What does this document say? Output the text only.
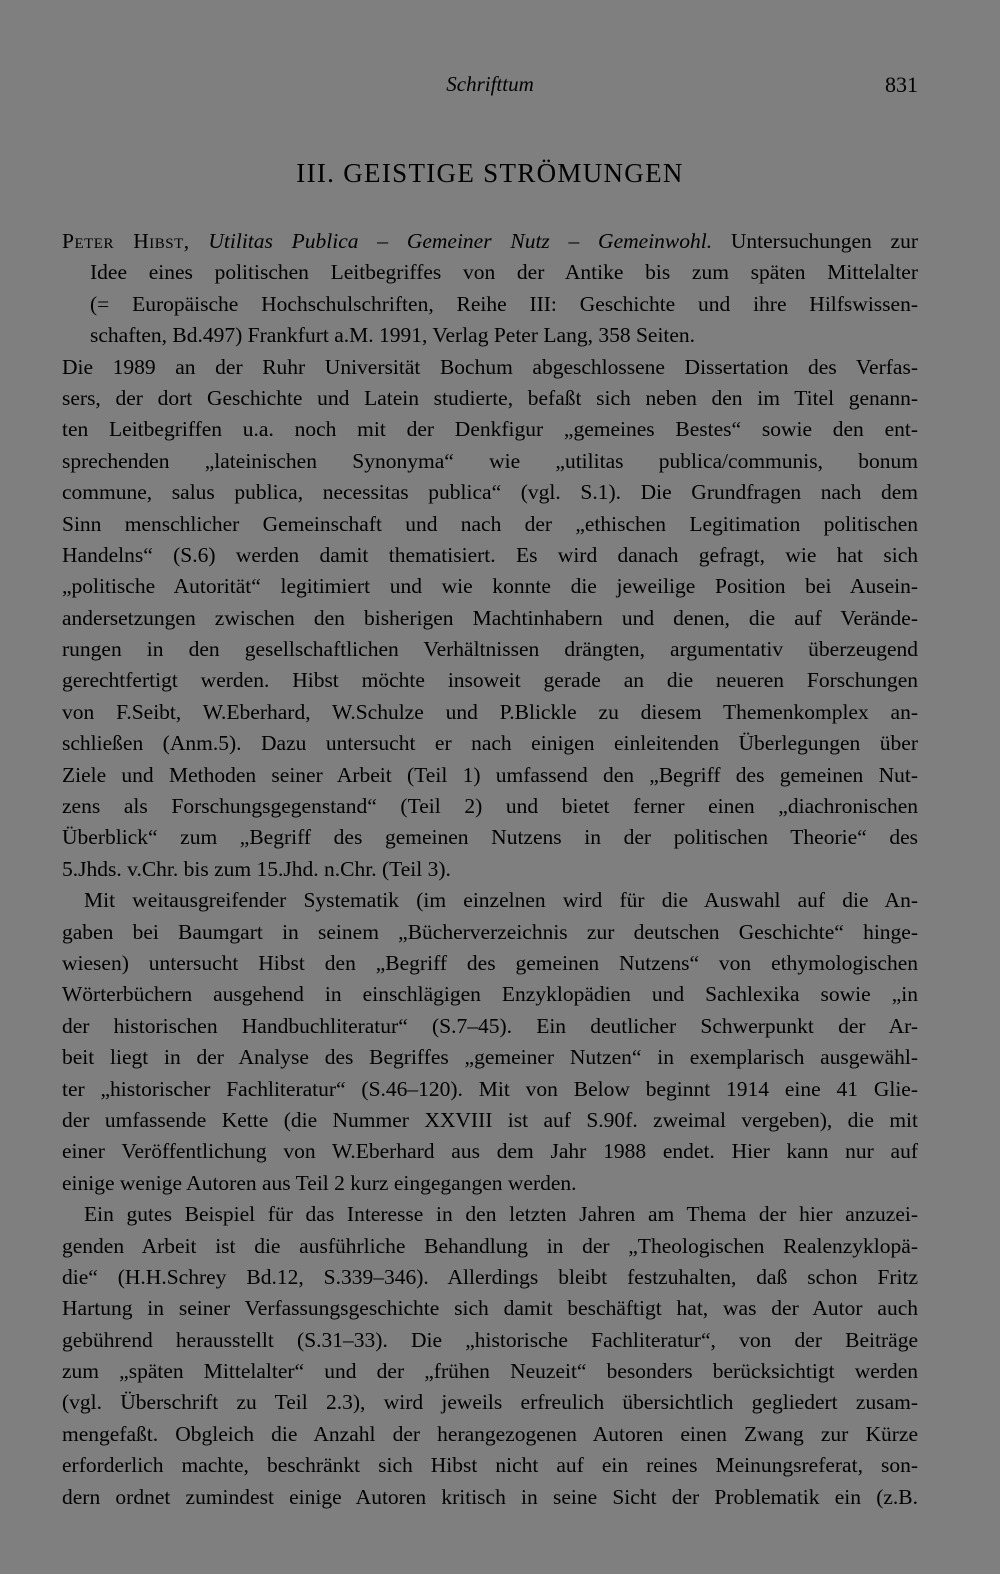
Schrifttum	831
III. GEISTIGE STRÖMUNGEN
Peter Hibst, Utilitas Publica – Gemeiner Nutz – Gemeinwohl. Untersuchungen zur
Idee eines politischen Leitbegriffes von der Antike bis zum späten Mittelalter
(= Europäische Hochschulschriften, Reihe III: Geschichte und ihre Hilfswissen-
schaften, Bd.497) Frankfurt a.M. 1991, Verlag Peter Lang, 358 Seiten.
Die 1989 an der Ruhr Universität Bochum abgeschlossene Dissertation des Verfas-
sers, der dort Geschichte und Latein studierte, befaßt sich neben den im Titel genann-
ten Leitbegriffen u.a. noch mit der Denkfigur „gemeines Bestes“ sowie den ent-
sprechenden „lateinischen Synonyma“ wie „utilitas publica/communis, bonum
commune, salus publica, necessitas publica“ (vgl. S.1). Die Grundfragen nach dem
Sinn menschlicher Gemeinschaft und nach der „ethischen Legitimation politischen
Handelns“ (S.6) werden damit thematisiert. Es wird danach gefragt, wie hat sich
„politische Autorität“ legitimiert und wie konnte die jeweilige Position bei Ausein-
andersetzungen zwischen den bisherigen Machtinhabern und denen, die auf Verände-
rungen in den gesellschaftlichen Verhältnissen drängten, argumentativ überzeugend
gerechtfertigt werden. Hibst möchte insoweit gerade an die neueren Forschungen
von F.Seibt, W.Eberhard, W.Schulze und P.Blickle zu diesem Themenkomplex an-
schließen (Anm.5). Dazu untersucht er nach einigen einleitenden Überlegungen über
Ziele und Methoden seiner Arbeit (Teil 1) umfassend den „Begriff des gemeinen Nut-
zens als Forschungsgegenstand“ (Teil 2) und bietet ferner einen „diachronischen
Überblick“ zum „Begriff des gemeinen Nutzens in der politischen Theorie“ des
5.Jhds. v.Chr. bis zum 15.Jhd. n.Chr. (Teil 3).
Mit weitausgreifender Systematik (im einzelnen wird für die Auswahl auf die An-
gaben bei Baumgart in seinem „Bücherverzeichnis zur deutschen Geschichte“ hinge-
wiesen) untersucht Hibst den „Begriff des gemeinen Nutzens“ von ethymologischen
Wörterbüchern ausgehend in einschlägigen Enzyklopädien und Sachlexika sowie „in
der historischen Handbuchliteratur“ (S.7–45). Ein deutlicher Schwerpunkt der Ar-
beit liegt in der Analyse des Begriffes „gemeiner Nutzen“ in exemplarisch ausgewähl-
ter „historischer Fachliteratur“ (S.46–120). Mit von Below beginnt 1914 eine 41 Glie-
der umfassende Kette (die Nummer XXVIII ist auf S.90f. zweimal vergeben), die mit
einer Veröffentlichung von W.Eberhard aus dem Jahr 1988 endet. Hier kann nur auf
einige wenige Autoren aus Teil 2 kurz eingegangen werden.
Ein gutes Beispiel für das Interesse in den letzten Jahren am Thema der hier anzuzei-
genden Arbeit ist die ausführliche Behandlung in der „Theologischen Realenzyklopä-
die“ (H.H.Schrey Bd.12, S.339–346). Allerdings bleibt festzuhalten, daß schon Fritz
Hartung in seiner Verfassungsgeschichte sich damit beschäftigt hat, was der Autor auch
gebührend herausstellt (S.31–33). Die „historische Fachliteratur“, von der Beiträge
zum „späten Mittelalter“ und der „frühen Neuzeit“ besonders berücksichtigt werden
(vgl. Überschrift zu Teil 2.3), wird jeweils erfreulich übersichtlich gegliedert zusam-
mengefaßt. Obgleich die Anzahl der herangezogenen Autoren einen Zwang zur Kürze
erforderlich machte, beschränkt sich Hibst nicht auf ein reines Meinungsreferat, son-
dern ordnet zumindest einige Autoren kritisch in seine Sicht der Problematik ein (z.B.
